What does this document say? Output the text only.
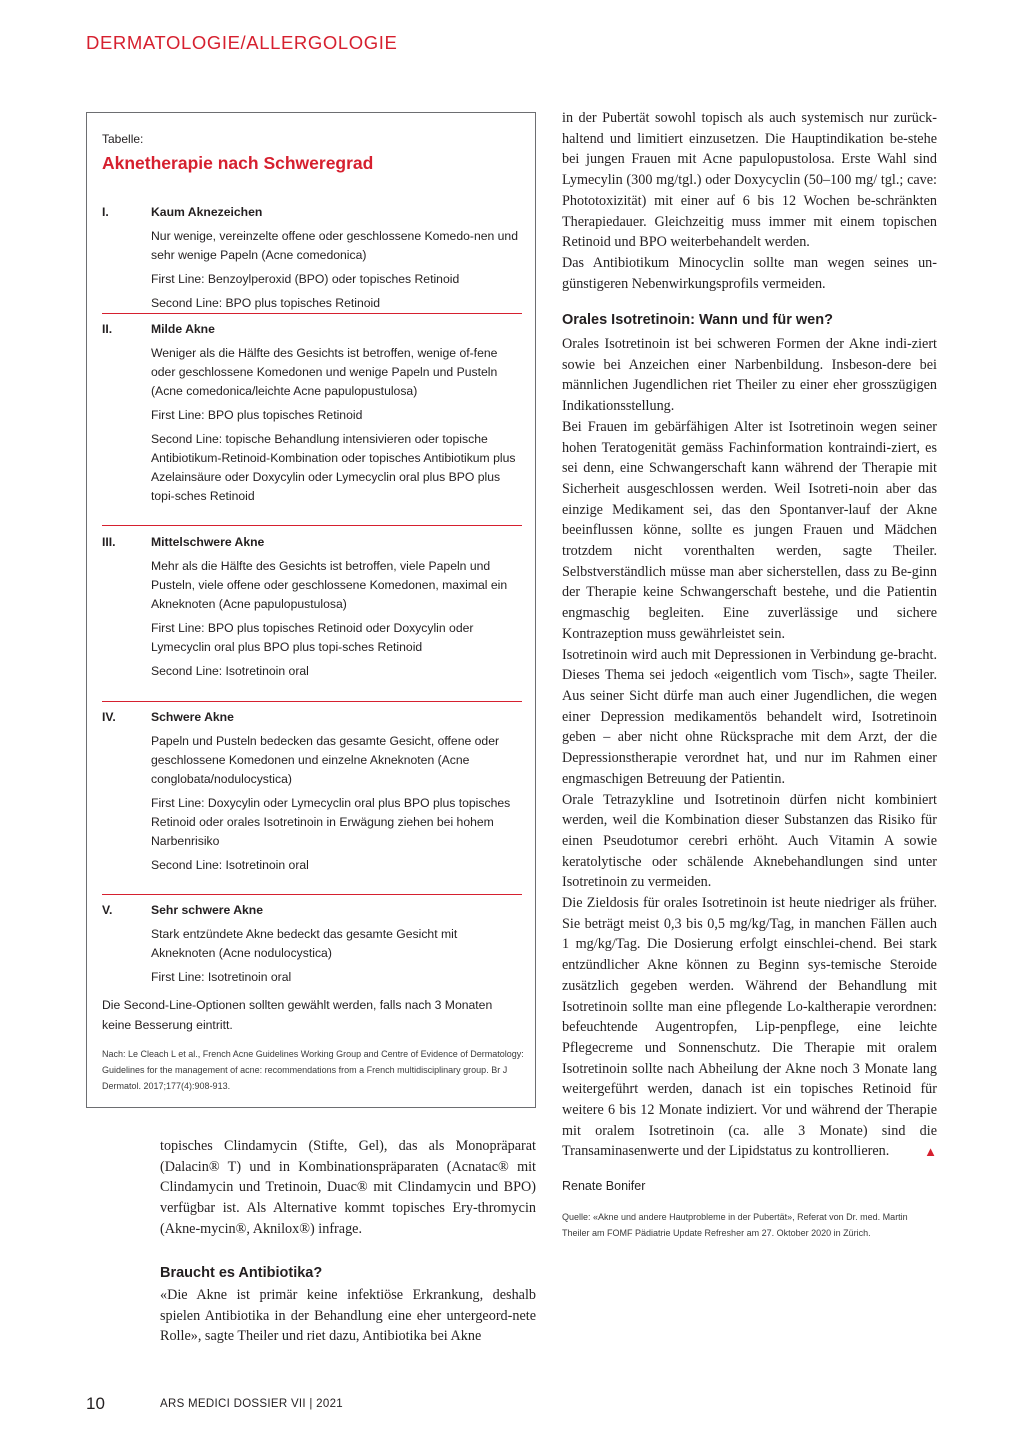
DERMATOLOGIE/ALLERGOLOGIE
Tabelle:
Aknetherapie nach Schweregrad
I.	Kaum Aknezeichen

Nur wenige, vereinzelte offene oder geschlossene Komedo-nen und sehr wenige Papeln (Acne comedonica)

First Line: Benzoylperoxid (BPO) oder topisches Retinoid

Second Line: BPO plus topisches Retinoid

II.	Milde Akne

Weniger als die Hälfte des Gesichts ist betroffen, wenige of-fene oder geschlossene Komedonen und wenige Papeln und Pusteln (Acne comedonica/leichte Acne papulopustulosa)

First Line: BPO plus topisches Retinoid

Second Line: topische Behandlung intensivieren oder topische Antibiotikum-Retinoid-Kombination oder topisches Antibiotikum plus Azelainsäure oder Doxycylin oder Lymecyclin oral plus BPO plus topi-sches Retinoid

III.	Mittelschwere Akne

Mehr als die Hälfte des Gesichts ist betroffen, viele Papeln und Pusteln, viele offene oder geschlossene Komedonen, maximal ein Akneknoten (Acne papulopustulosa)

First Line: BPO plus topisches Retinoid oder Doxycylin oder Lymecyclin oral plus BPO plus topi-sches Retinoid

Second Line: Isotretinoin oral

IV.	Schwere Akne

Papeln und Pusteln bedecken das gesamte Gesicht, offene oder geschlossene Komedonen und einzelne Akneknoten (Acne conglobata/nodulocystica)

First Line: Doxycylin oder Lymecyclin oral plus BPO plus topisches Retinoid oder orales Isotretinoin in Erwägung ziehen bei hohem Narbenrisiko

Second Line: Isotretinoin oral

V.	Sehr schwere Akne

Stark entzündete Akne bedeckt das gesamte Gesicht mit Akneknoten (Acne nodulocystica)

First Line: Isotretinoin oral

Die Second-Line-Optionen sollten gewählt werden, falls nach 3 Monaten keine Besserung eintritt.
Nach: Le Cleach L et al., French Acne Guidelines Working Group and Centre of Evidence of Dermatology: Guidelines for the management of acne: recommendations from a French multidisciplinary group. Br J Dermatol. 2017;177(4):908-913.

topisches Clindamycin (Stifte, Gel), das als Monopräparat (Dalacin® T) und in Kombinationspräparaten (Acnatac® mit Clindamycin und Tretinoin, Duac® mit Clindamycin und BPO) verfügbar ist. Als Alternative kommt topisches Ery-thromycin (Akne-mycin®, Aknilox®) infrage.

Braucht es Antibiotika?

«Die Akne ist primär keine infektiöse Erkrankung, deshalb spielen Antibiotika in der Behandlung eine eher untergeord-nete Rolle», sagte Theiler und riet dazu, Antibiotika bei Akne

in der Pubertät sowohl topisch als auch systemisch nur zurück-haltend und limitiert einzusetzen. Die Hauptindikation be-stehe bei jungen Frauen mit Acne papulopustolosa. Erste Wahl sind Lymecylin (300 mg/tgl.) oder Doxycyclin (50–100 mg/ tgl.; cave: Phototoxizität) mit einer auf 6 bis 12 Wochen be-schränkten Therapiedauer. Gleichzeitig muss immer mit einem topischen Retinoid und BPO weiterbehandelt werden.

Das Antibiotikum Minocyclin sollte man wegen seines un-günstigeren Nebenwirkungsprofils vermeiden.

Orales Isotretinoin: Wann und für wen?

Orales Isotretinoin ist bei schweren Formen der Akne indi-ziert sowie bei Anzeichen einer Narbenbildung. Insbeson-dere bei männlichen Jugendlichen riet Theiler zu einer eher grosszügigen Indikationsstellung.

Bei Frauen im gebärfähigen Alter ist Isotretinoin wegen seiner hohen Teratogenität gemäss Fachinformation kontraindi-ziert, es sei denn, eine Schwangerschaft kann während der Therapie mit Sicherheit ausgeschlossen werden. Weil Isotreti-noin aber das einzige Medikament sei, das den Spontanver-lauf der Akne beeinflussen könne, sollte es jungen Frauen und Mädchen trotzdem nicht vorenthalten werden, sagte Theiler. Selbstverständlich müsse man aber sicherstellen, dass zu Be-ginn der Therapie keine Schwangerschaft bestehe, und die Patientin engmaschig begleiten. Eine zuverlässige und sichere Kontrazeption muss gewährleistet sein.

Isotretinoin wird auch mit Depressionen in Verbindung ge-bracht. Dieses Thema sei jedoch «eigentlich vom Tisch», sagte Theiler. Aus seiner Sicht dürfe man auch einer Jugendlichen, die wegen einer Depression medikamentös behandelt wird, Isotretinoin geben – aber nicht ohne Rücksprache mit dem Arzt, der die Depressionstherapie verordnet hat, und nur im Rahmen einer engmaschigen Betreuung der Patientin.

Orale Tetrazykline und Isotretinoin dürfen nicht kombiniert werden, weil die Kombination dieser Substanzen das Risiko für einen Pseudotumor cerebri erhöht. Auch Vitamin A sowie keratolytische oder schälende Aknebehandlungen sind unter Isotretinoin zu vermeiden.

Die Zieldosis für orales Isotretinoin ist heute niedriger als früher. Sie beträgt meist 0,3 bis 0,5 mg/kg/Tag, in manchen Fällen auch 1 mg/kg/Tag. Die Dosierung erfolgt einschlei-chend. Bei stark entzündlicher Akne können zu Beginn sys-temische Steroide zusätzlich gegeben werden. Während der Behandlung mit Isotretinoin sollte man eine pflegende Lo-kaltherapie verordnen: befeuchtende Augentropfen, Lip-penpflege, eine leichte Pflegecreme und Sonnenschutz. Die Therapie mit oralem Isotretinoin sollte nach Abheilung der Akne noch 3 Monate lang weitergeführt werden, danach ist ein topisches Retinoid für weitere 6 bis 12 Monate indiziert. Vor und während der Therapie mit oralem Isotretinoin (ca. alle 3 Monate) sind die Transaminasenwerte und der Lipidstatus zu kontrollieren.	▲

Renate Bonifer
Quelle: «Akne und andere Hautprobleme in der Pubertät», Referat von Dr. med. Martin Theiler am FOMF Pädiatrie Update Refresher am 27. Oktober 2020 in Zürich.
10	ARS MEDICI DOSSIER VII | 2021
